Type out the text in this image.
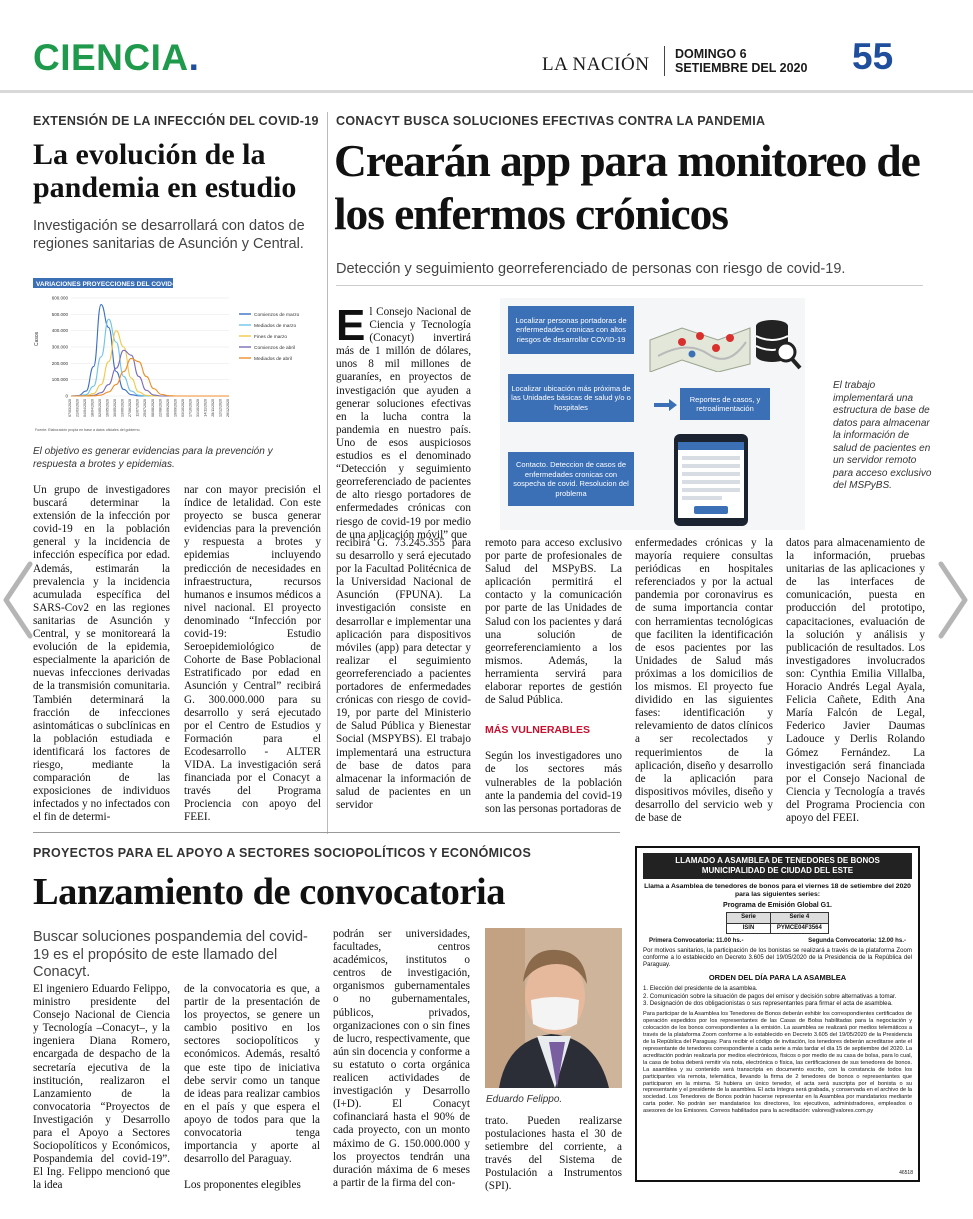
CIENCIA.	LA NACIÓN DOMINGO 6
SETIEMBRE DEL 2020 55
EXTENSIÓN DE LA INFECCIÓN DEL COVID-19
La evolución de la pandemia en estudio
Investigación se desarrollará con datos de regiones sanitarias de Asunción y Central.
VARIACIONES PROYECCIONES DEL COVID-19
Casos
600.000
500.000
400.000
300.000
200.000
100.000
0
07/03/2020 21/03/2020 04/04/2020 18/04/2020 02/05/2020 16/05/2020 30/05/2020 13/06/2020 27/06/2020 11/07/2020 25/07/2020 08/08/2020 22/08/2020 05/09/2020 19/09/2020 03/10/2020 17/10/2020 31/10/2020 14/11/2020 28/11/2020 12/12/2020 26/12/2020
Comienzos de marzo
Mediados de marzo
Fines de marzo
Comienzos de abril
Mediados de abril
Fuente: Elaboración propia en base a datos oficiales del gobierno.
El objetivo es generar evidencias para la prevención y respuesta a brotes y epidemias.
Un grupo de investigadores buscará determinar la extensión de la infección por covid-19 en la población general y la incidencia de infección específica por edad. Además, estimarán la prevalencia y la incidencia acumulada específica del SARS-Cov2 en las regiones sanitarias de Asunción y Central, y se monitoreará la evolución de la epidemia, especialmente la aparición de nuevas infecciones derivadas de la transmisión comunitaria. También determinará la fracción de infecciones asintomáticas o subclínicas en la población estudiada e identificará los factores de riesgo, mediante la comparación de las exposiciones de individuos infectados y no infectados con el fin de determi-
nar con mayor precisión el índice de letalidad. Con este proyecto se busca generar evidencias para la prevención y respuesta a brotes y epidemias incluyendo predicción de necesidades en infraestructura, recursos humanos e insumos médicos a nivel nacional. El proyecto denominado “Infección por covid-19: Estudio Seroepidemiológico de Cohorte de Base Poblacional Estratificado por edad en Asunción y Central” recibirá G. 300.000.000 para su desarrollo y será ejecutado por el Centro de Estudios y Formación para el Ecodesarrollo - ALTER VIDA. La investigación será financiada por el Conacyt a través del Programa Prociencia con apoyo del FEEI.
CONACYT BUSCA SOLUCIONES EFECTIVAS CONTRA LA PANDEMIA
Crearán app para monitoreo de los enfermos crónicos
Detección y seguimiento georreferenciado de personas con riesgo de covid-19.
El Consejo Nacional de Ciencia y Tecnología (Conacyt) invertirá más de 1 millón de dólares, unos 8 mil millones de guaraníes, en proyectos de investigación que ayuden a generar soluciones efectivas en la lucha contra la pandemia en nuestro país. Uno de esos auspiciosos estudios es el denominado “Detección y seguimiento georreferenciado de pacientes de alto riesgo portadores de enfermedades crónicas con riesgo de covid-19 por medio de una aplicación móvil” que
Localizar personas portadoras de enfermedades cronicas con altos riesgos de desarrollar COVID-19
Localizar ubicación más próxima de las Unidades básicas de salud y/o o hospitales
Contacto. Deteccion de casos de enfermedades cronicas con sospecha de covid. Resolucion del problema
Reportes de casos, y retroalimentación
El trabajo implementará una estructura de base de datos para almacenar la información de salud de pacientes en un servidor remoto para acceso exclusivo del MSPyBS.
recibirá G. 73.245.355 para su desarrollo y será ejecutado por la Facultad Politécnica de la Universidad Nacional de Asunción (FPUNA). La investigación consiste en desarrollar e implementar una aplicación para dispositivos móviles (app) para detectar y realizar el seguimiento georreferenciado a pacientes portadores de enfermedades crónicas con riesgo de covid-19, por parte del Ministerio de Salud Pública y Bienestar Social (MSPYBS). El trabajo implementará una estructura de base de datos para almacenar la información de salud de pacientes en un servidor
remoto para acceso exclusivo por parte de profesionales de Salud del MSPyBS. La aplicación permitirá el contacto y la comunicación por parte de las Unidades de Salud con los pacientes y dará una solución de georreferenciamiento a los mismos. Además, la herramienta servirá para elaborar reportes de gestión de Salud Pública.
MÁS VULNERABLES
Según los investigadores uno de los sectores más vulnerables de la población ante la pandemia del covid-19 son las personas portadoras de
enfermedades crónicas y la mayoría requiere consultas periódicas en hospitales referenciados y por la actual pandemia por coronavirus es de suma importancia contar con herramientas tecnológicas que faciliten la identificación de esos pacientes por las Unidades de Salud más próximas a los domicilios de los mismos. El proyecto fue dividido en las siguientes fases: identificación y relevamiento de datos clínicos a ser recolectados y requerimientos de la aplicación, diseño y desarrollo de la aplicación para dispositivos móviles, diseño y desarrollo del servicio web y de base de
datos para almacenamiento de la información, pruebas unitarias de las aplicaciones y de las interfaces de comunicación, puesta en producción del prototipo, capacitaciones, evaluación de la solución y análisis y publicación de resultados. Los investigadores involucrados son: Cynthia Emilia Villalba, Horacio Andrés Legal Ayala, Felicia Cañete, Edith Ana María Falcón de Legal, Federico Javier Daumas Ladouce y Derlis Rolando Gómez Fernández. La investigación será financiada por el Consejo Nacional de Ciencia y Tecnología a través del Programa Prociencia con apoyo del FEEI.
PROYECTOS PARA EL APOYO A SECTORES SOCIOPOLÍTICOS Y ECONÓMICOS
Lanzamiento de convocatoria
Buscar soluciones pospandemia del covid-19 es el propósito de este llamado del Conacyt.
El ingeniero Eduardo Felippo, ministro presidente del Consejo Nacional de Ciencia y Tecnología –Conacyt–, y la ingeniera Diana Romero, encargada de despacho de la secretaría ejecutiva de la institución, realizaron el Lanzamiento de la convocatoria “Proyectos de Investigación y Desarrollo para el Apoyo a Sectores Sociopolíticos y Económicos, Pospandemia del covid-19”. El Ing. Felippo mencionó que la idea
de la convocatoria es que, a partir de la presentación de los proyectos, se genere un cambio positivo en los sectores sociopolíticos y económicos. Además, resaltó que este tipo de iniciativa debe servir como un tanque de ideas para realizar cambios en el país y que espera el apoyo de todos para que la convocatoria tenga importancia y aporte al desarrollo del Paraguay.
Los proponentes elegibles
podrán ser universidades, facultades, centros académicos, institutos o centros de investigación, organismos gubernamentales o no gubernamentales, públicos, privados, organizaciones con o sin fines de lucro, respectivamente, que aún sin docencia y conforme a su estatuto o corta orgánica realicen actividades de investigación y Desarrollo (I+D). El Conacyt cofinanciará hasta el 90% de cada proyecto, con un monto máximo de G. 150.000.000 y los proyectos tendrán una duración máxima de 6 meses a partir de la firma del con-
Eduardo Felippo.
trato. Pueden realizarse postulaciones hasta el 30 de setiembre del corriente, a través del Sistema de Postulación a Instrumentos (SPI).
LLAMADO A ASAMBLEA DE TENEDORES DE BONOS
MUNICIPALIDAD DE CIUDAD DEL ESTE
Llama a Asamblea de tenedores de bonos para el viernes 18 de setiembre del 2020 para las siguientes series:
Programa de Emisión Global G1.
Serie	Serie 4
ISIN	PYMCE04F3564
Primera Convocatoria: 11.00 hs.-	Segunda Convocatoria: 12.00 hs.-
Por motivos sanitarios, la participación de los bonistas se realizará a través de la plataforma Zoom conforme a lo establecido en Decreto 3.605 del 19/05/2020 de la Presidencia de la República del Paraguay.
ORDEN DEL DÍA PARA LA ASAMBLEA
1. Elección del presidente de la asamblea.
2. Comunicación sobre la situación de pagos del emisor y decisión sobre alternativas a tomar.
3. Designación de dos obligacionistas o sus representantes para firmar el acta de asamblea.
Para participar de la Asamblea los Tenedores de Bonos deberán exhibir los correspondientes certificados de operación expedidos por los representantes de las Casas de Bolsa habilitadas para la negociación y colocación de los bonos correspondientes a la emisión. La asamblea se realizará por medios telemáticos a través de la plataforma Zoom conforme a lo establecido en Decreto 3.605 del 19/05/2020 de la Presidencia de la República del Paraguay. Para recibir el código de invitación, los tenedores deberán acreditarse ante el representante de tenedores correspondiente a cada serie a más tardar el día 15 de septiembre del 2020. La acreditación podrán realizarla por medios electrónicos, físicos o por medio de su casa de bolsa, para lo cual, la casa de bolsa deberá remitir vía nota, electrónica o física, las certificaciones de sus tenedores de bonos. La asamblea y su contenido será transcripta en documento escrito, con la constancia de todos los participantes vía remota, telemática, llevando la firma de 2 tenedores de bonos o representantes que participaron en la misma. Si hubiera un único tenedor, el acta será suscripta por el bonista o su representante y el presidente de la asamblea. El acta íntegra será grabada, y conservada en el archivo de la sociedad. Los Tenedores de Bonos podrán hacerse representar en la Asamblea por mandatarios mediante carta poder. No podrán ser mandatarios los directores, los ejecutivos, administradores, empleados o asesores de los Emisores. Correos habilitados para la acreditación: valores@valores.com.py
46518
